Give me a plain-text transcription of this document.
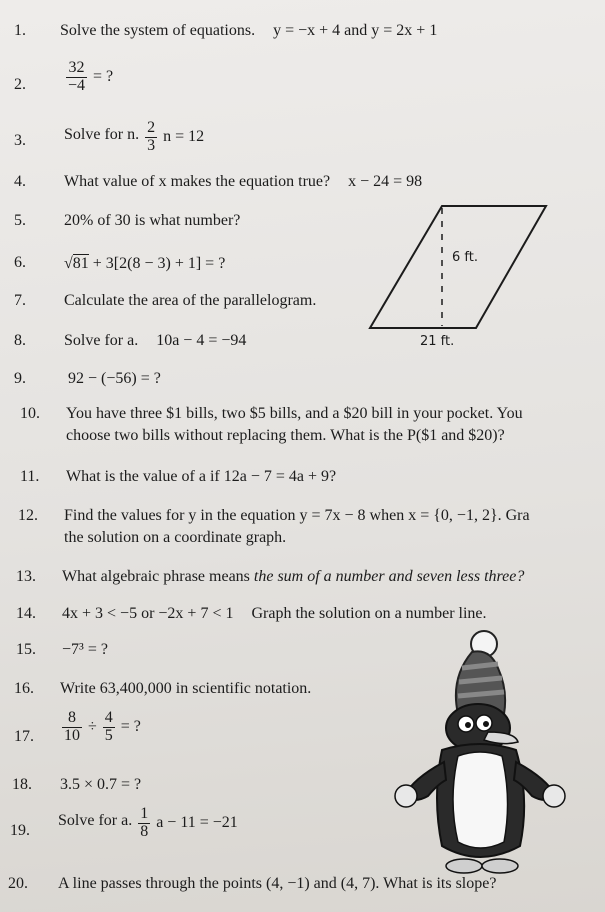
1. Solve the system of equations. y = −x + 4 and y = 2x + 1
2.	$\frac{32}{-4}$ = ?
3. Solve for n. $\frac{2}{3}$ n = 12
4. What value of x makes the equation true? x − 24 = 98
5. 20% of 30 is what number?
6. √81 + 3[2(8 − 3) + 1] = ?
7. Calculate the area of the parallelogram.
8. Solve for a. 10a − 4 = −94
9.	92 − (−56) = ?
10. You have three $1 bills, two $5 bills, and a $20 bill in your pocket. You
choose two bills without replacing them. What is the P($1 and $20)?
11. What is the value of a if 12a − 7 = 4a + 9?
12. Find the values for y in the equation y = 7x − 8 when x = {0, −1, 2}. Gra
the solution on a coordinate graph.
13. What algebraic phrase means the sum of a number and seven less three?
14. 4x + 3 < −5 or −2x + 7 < 1 Graph the solution on a number line.
15. −7³ = ?
16. Write 63,400,000 in scientific notation.
17. $\frac{8}{10} \div \frac{4}{5}$ = ?
18. 3.5 × 0.7 = ?
19.
Solve for a. $\frac{1}{8}$ a − 11 = −21
20. A line passes through the points (4, −1) and (4, 7). What is its slope?
6 ft.
21 ft.
